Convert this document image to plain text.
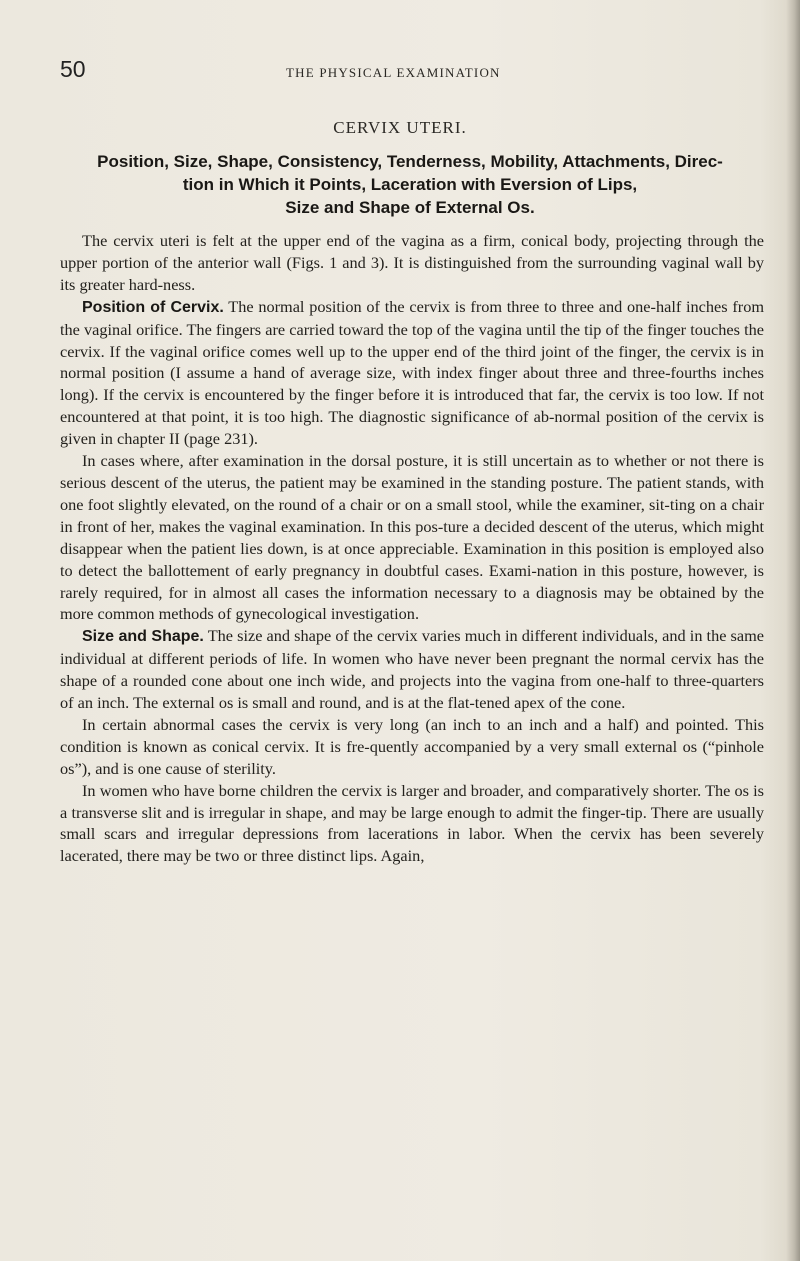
50	THE PHYSICAL EXAMINATION
CERVIX UTERI.
Position, Size, Shape, Consistency, Tenderness, Mobility, Attachments, Direc-
tion in Which it Points, Laceration with Eversion of Lips,
Size and Shape of External Os.

The cervix uteri is felt at the upper end of the vagina as a firm, conical body, projecting through the upper portion of the anterior wall (Figs. 1 and 3). It is distinguished from the surrounding vaginal wall by its greater hard-ness.

Position of Cervix. The normal position of the cervix is from three to three and one-half inches from the vaginal orifice. The fingers are carried toward the top of the vagina until the tip of the finger touches the cervix. If the vaginal orifice comes well up to the upper end of the third joint of the finger, the cervix is in normal position (I assume a hand of average size, with index finger about three and three-fourths inches long). If the cervix is encountered by the finger before it is introduced that far, the cervix is too low. If not encountered at that point, it is too high. The diagnostic significance of ab-normal position of the cervix is given in chapter II (page 231).

In cases where, after examination in the dorsal posture, it is still uncertain as to whether or not there is serious descent of the uterus, the patient may be examined in the standing posture. The patient stands, with one foot slightly elevated, on the round of a chair or on a small stool, while the examiner, sit-ting on a chair in front of her, makes the vaginal examination. In this pos-ture a decided descent of the uterus, which might disappear when the patient lies down, is at once appreciable. Examination in this position is employed also to detect the ballottement of early pregnancy in doubtful cases. Exami-nation in this posture, however, is rarely required, for in almost all cases the information necessary to a diagnosis may be obtained by the more common methods of gynecological investigation.

Size and Shape. The size and shape of the cervix varies much in different individuals, and in the same individual at different periods of life. In women who have never been pregnant the normal cervix has the shape of a rounded cone about one inch wide, and projects into the vagina from one-half to three-quarters of an inch. The external os is small and round, and is at the flat-tened apex of the cone.

In certain abnormal cases the cervix is very long (an inch to an inch and a half) and pointed. This condition is known as conical cervix. It is fre-quently accompanied by a very small external os (“pinhole os”), and is one cause of sterility.

In women who have borne children the cervix is larger and broader, and comparatively shorter. The os is a transverse slit and is irregular in shape, and may be large enough to admit the finger-tip. There are usually small scars and irregular depressions from lacerations in labor. When the cervix has been severely lacerated, there may be two or three distinct lips. Again,
